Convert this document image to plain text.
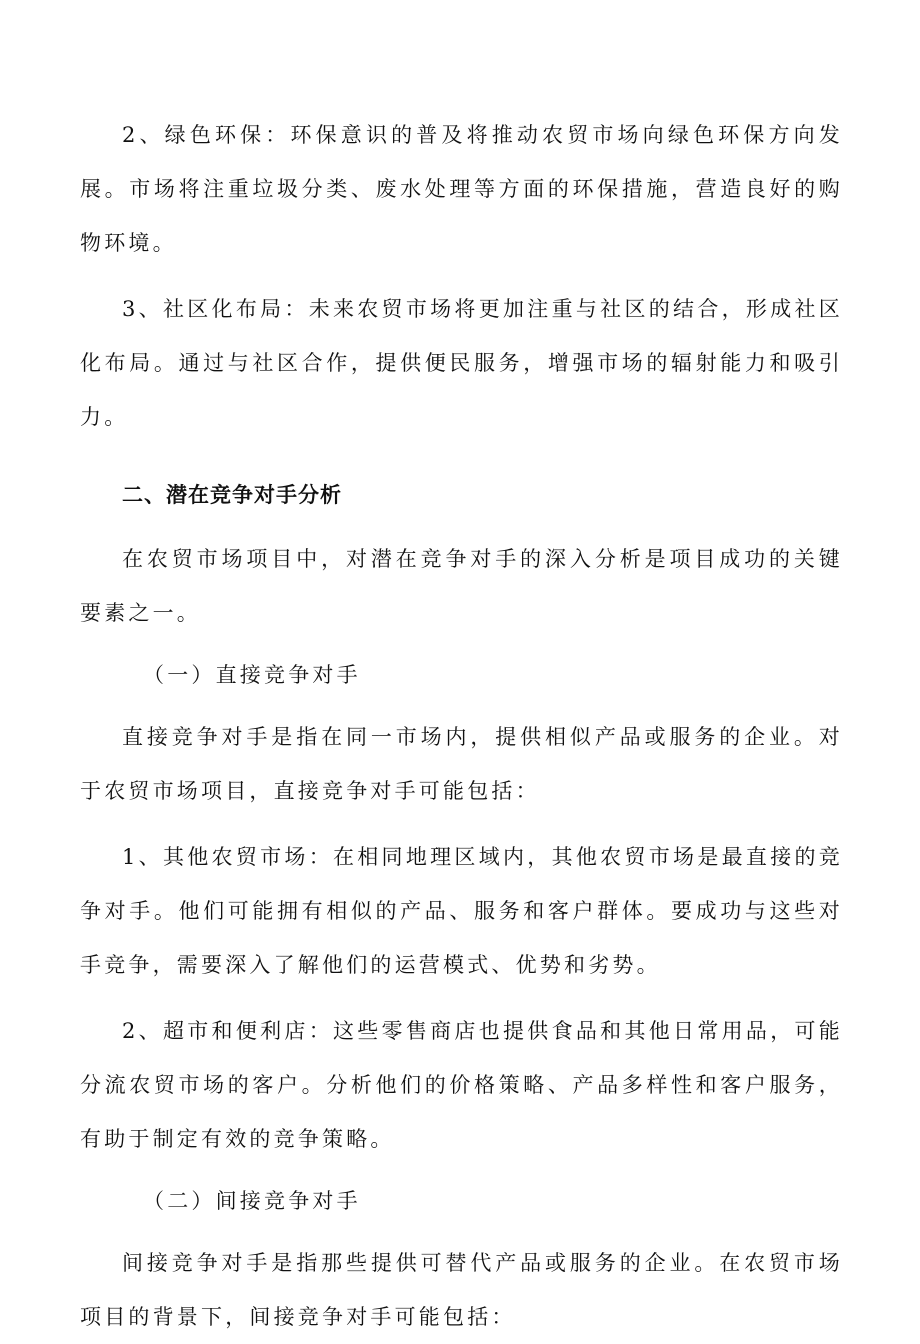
2、绿色环保：环保意识的普及将推动农贸市场向绿色环保方向发展。市场将注重垃圾分类、废水处理等方面的环保措施，营造良好的购物环境。

3、社区化布局：未来农贸市场将更加注重与社区的结合，形成社区化布局。通过与社区合作，提供便民服务，增强市场的辐射能力和吸引力。

二、潜在竞争对手分析

在农贸市场项目中，对潜在竞争对手的深入分析是项目成功的关键要素之一。

（一）直接竞争对手

直接竞争对手是指在同一市场内，提供相似产品或服务的企业。对于农贸市场项目，直接竞争对手可能包括：

1、其他农贸市场：在相同地理区域内，其他农贸市场是最直接的竞争对手。他们可能拥有相似的产品、服务和客户群体。要成功与这些对手竞争，需要深入了解他们的运营模式、优势和劣势。

2、超市和便利店：这些零售商店也提供食品和其他日常用品，可能分流农贸市场的客户。分析他们的价格策略、产品多样性和客户服务，有助于制定有效的竞争策略。

（二）间接竞争对手

间接竞争对手是指那些提供可替代产品或服务的企业。在农贸市场项目的背景下，间接竞争对手可能包括：
